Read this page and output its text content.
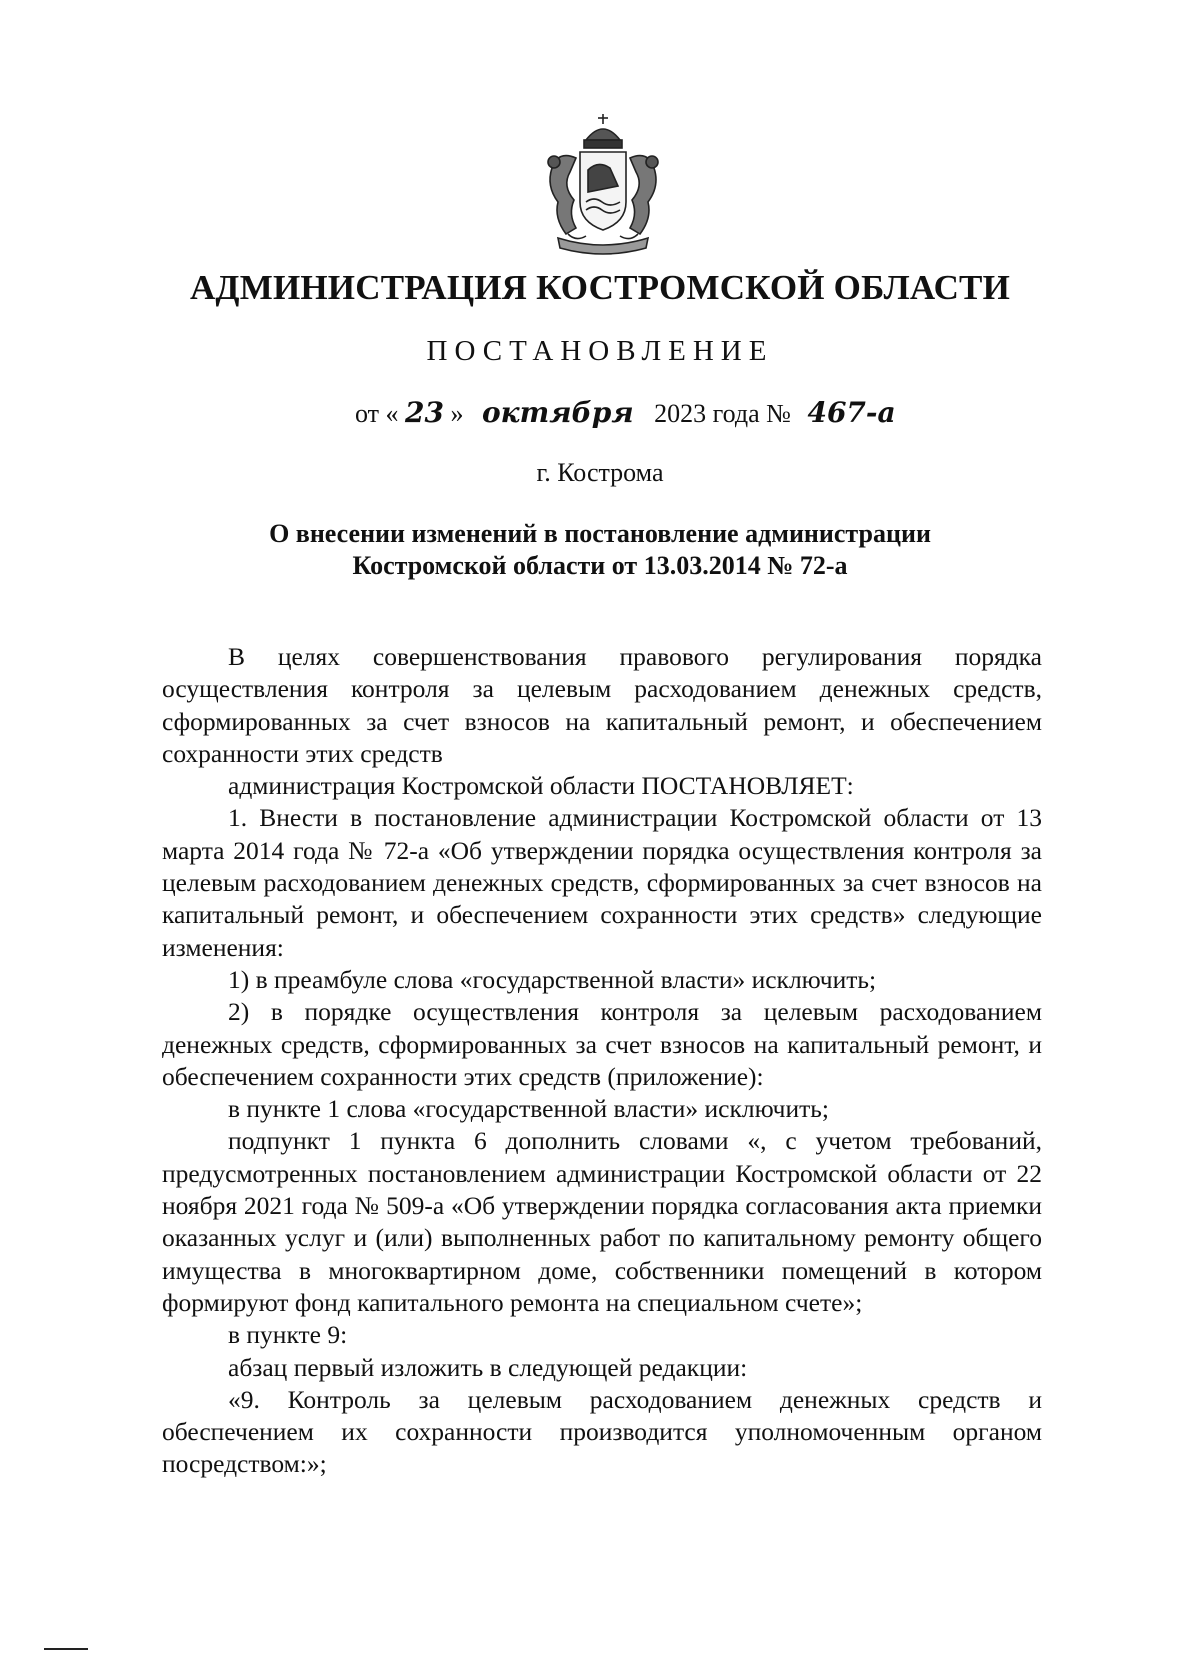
АДМИНИСТРАЦИЯ КОСТРОМСКОЙ ОБЛАСТИ
ПОСТАНОВЛЕНИЕ
от « 23 » октября 2023 года № 467-а
г. Кострома
О внесении изменений в постановление администрации
Костромской области от 13.03.2014 № 72-а

В целях совершенствования правового регулирования порядка осуществления контроля за целевым расходованием денежных средств, сформированных за счет взносов на капитальный ремонт, и обеспечением сохранности этих средств

администрация Костромской области ПОСТАНОВЛЯЕТ:

1. Внести в постановление администрации Костромской области от 13 марта 2014 года № 72-а «Об утверждении порядка осуществления контроля за целевым расходованием денежных средств, сформированных за счет взносов на капитальный ремонт, и обеспечением сохранности этих средств» следующие изменения:

1) в преамбуле слова «государственной власти» исключить;

2) в порядке осуществления контроля за целевым расходованием денежных средств, сформированных за счет взносов на капитальный ремонт, и обеспечением сохранности этих средств (приложение):

в пункте 1 слова «государственной власти» исключить;

подпункт 1 пункта 6 дополнить словами «, с учетом требований, предусмотренных постановлением администрации Костромской области от 22 ноября 2021 года № 509-а «Об утверждении порядка согласования акта приемки оказанных услуг и (или) выполненных работ по капитальному ремонту общего имущества в многоквартирном доме, собственники помещений в котором формируют фонд капитального ремонта на специальном счете»;

в пункте 9:

абзац первый изложить в следующей редакции:

«9. Контроль за целевым расходованием денежных средств и обеспечением их сохранности производится уполномоченным органом посредством:»;
